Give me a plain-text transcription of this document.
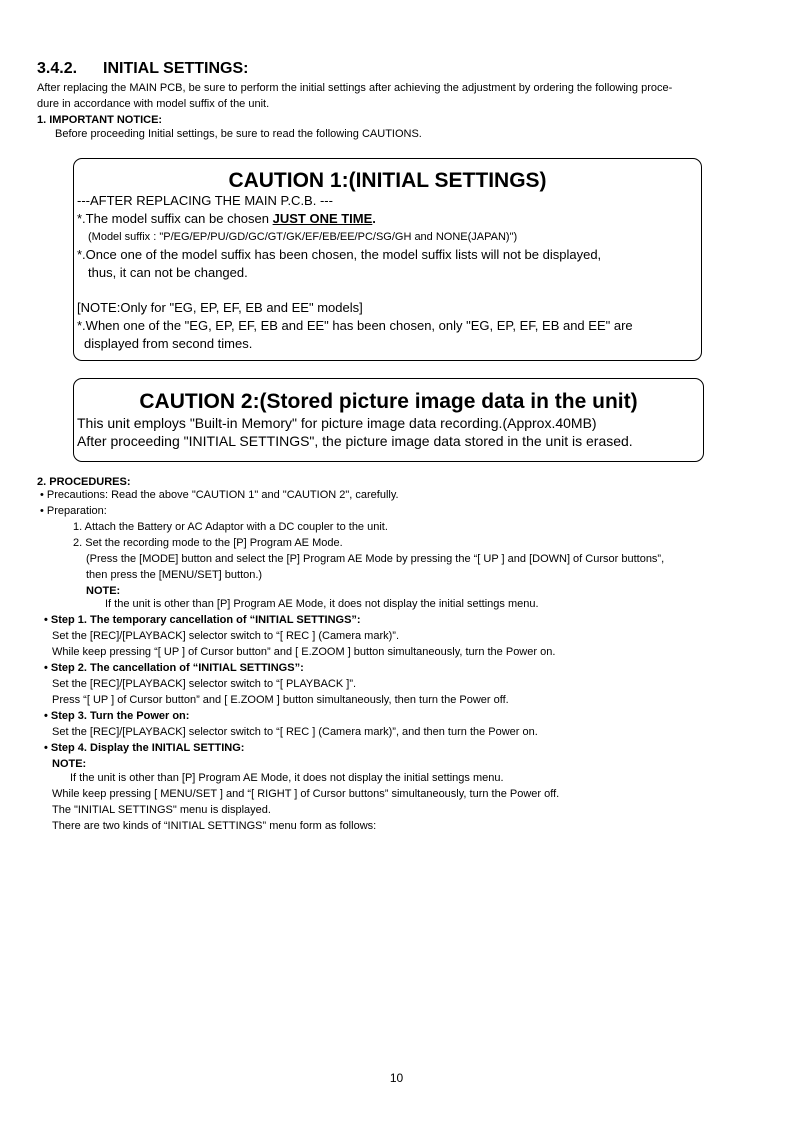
3.4.2. INITIAL SETTINGS:
After replacing the MAIN PCB, be sure to perform the initial settings after achieving the adjustment by ordering the following proce-
dure in accordance with model suffix of the unit.
1. IMPORTANT NOTICE:
Before proceeding Initial settings, be sure to read the following CAUTIONS.
CAUTION 1:(INITIAL SETTINGS)
---AFTER REPLACING THE MAIN P.C.B. ---
*.The model suffix can be chosen JUST ONE TIME.
(Model suffix : "P/EG/EP/PU/GD/GC/GT/GK/EF/EB/EE/PC/SG/GH and NONE(JAPAN)")
*.Once one of the model suffix has been chosen, the model suffix lists will not be displayed,
thus, it can not be changed.
[NOTE:Only for "EG, EP, EF, EB and EE" models]
*.When one of the "EG, EP, EF, EB and EE" has been chosen, only "EG, EP, EF, EB and EE" are
displayed from second times.
CAUTION 2:(Stored picture image data in the unit)
This unit employs "Built-in Memory" for picture image data recording.(Approx.40MB)
After proceeding "INITIAL SETTINGS", the picture image data stored in the unit is erased.
2. PROCEDURES:
• Precautions: Read the above "CAUTION 1" and "CAUTION 2", carefully.
• Preparation:
1. Attach the Battery or AC Adaptor with a DC coupler to the unit.
2. Set the recording mode to the [P] Program AE Mode.
(Press the [MODE] button and select the [P] Program AE Mode by pressing the “[ UP ] and [DOWN] of Cursor buttons”,
then press the [MENU/SET] button.)
NOTE:
If the unit is other than [P] Program AE Mode, it does not display the initial settings menu.
• Step 1. The temporary cancellation of “INITIAL SETTINGS”:
Set the [REC]/[PLAYBACK] selector switch to “[ REC ] (Camera mark)”.
While keep pressing “[ UP ] of Cursor button” and [ E.ZOOM ] button simultaneously, turn the Power on.
• Step 2. The cancellation of “INITIAL SETTINGS”:
Set the [REC]/[PLAYBACK] selector switch to “[ PLAYBACK ]”.
Press “[ UP ] of Cursor button” and [ E.ZOOM ] button simultaneously, then turn the Power off.
• Step 3. Turn the Power on:
Set the [REC]/[PLAYBACK] selector switch to “[ REC ] (Camera mark)”, and then turn the Power on.
• Step 4. Display the INITIAL SETTING:
NOTE:
If the unit is other than [P] Program AE Mode, it does not display the initial settings menu.
While keep pressing [ MENU/SET ] and “[ RIGHT ] of Cursor buttons” simultaneously, turn the Power off.
The "INITIAL SETTINGS" menu is displayed.
There are two kinds of “INITIAL SETTINGS” menu form as follows:
10
